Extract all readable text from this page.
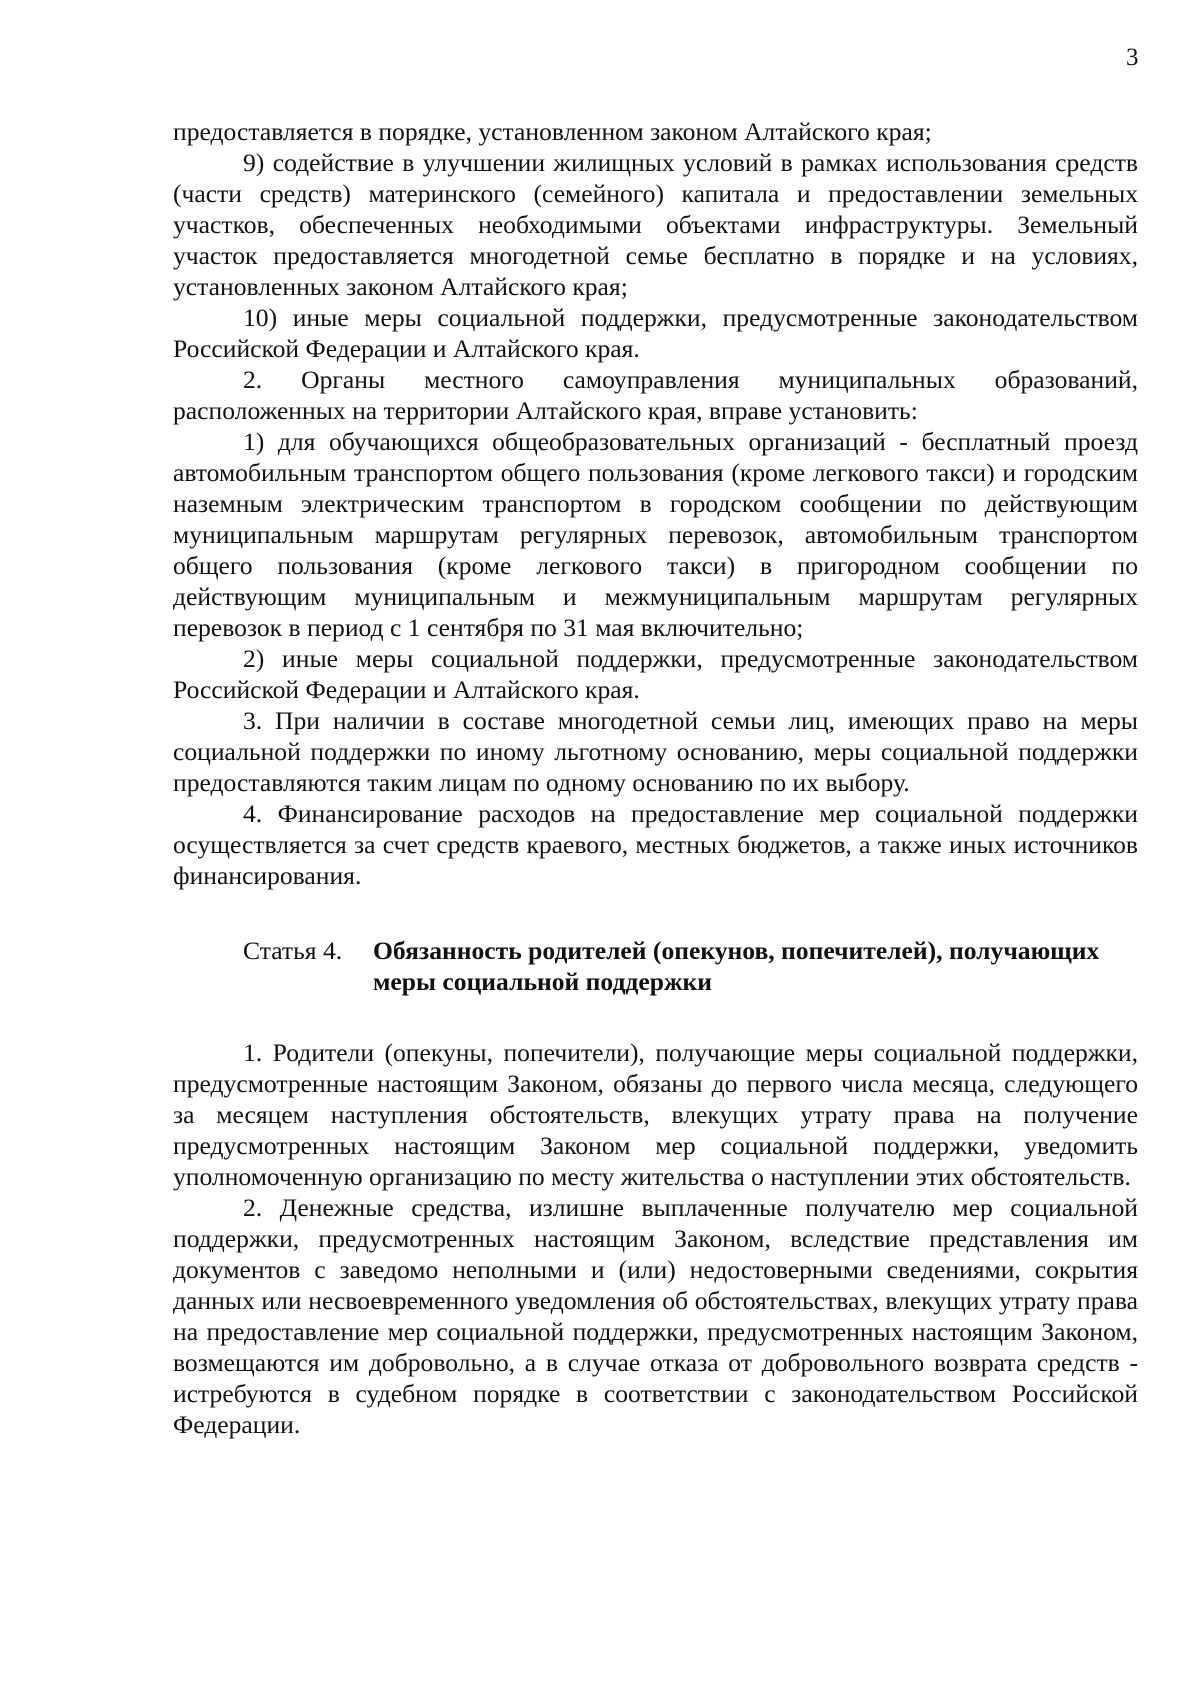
3

предоставляется в порядке, установленном законом Алтайского края;

9) содействие в улучшении жилищных условий в рамках использования средств (части средств) материнского (семейного) капитала и предоставлении земельных участков, обеспеченных необходимыми объектами инфраструктуры. Земельный участок предоставляется многодетной семье бесплатно в порядке и на условиях, установленных законом Алтайского края;

10) иные меры социальной поддержки, предусмотренные законодательством Российской Федерации и Алтайского края.

2. Органы местного самоуправления муниципальных образований, расположенных на территории Алтайского края, вправе установить:

1) для обучающихся общеобразовательных организаций - бесплатный проезд автомобильным транспортом общего пользования (кроме легкового такси) и городским наземным электрическим транспортом в городском сообщении по действующим муниципальным маршрутам регулярных перевозок, автомобильным транспортом общего пользования (кроме легкового такси) в пригородном сообщении по действующим муниципальным и межмуниципальным маршрутам регулярных перевозок в период с 1 сентября по 31 мая включительно;

2) иные меры социальной поддержки, предусмотренные законодательством Российской Федерации и Алтайского края.

3. При наличии в составе многодетной семьи лиц, имеющих право на меры социальной поддержки по иному льготному основанию, меры социальной поддержки предоставляются таким лицам по одному основанию по их выбору.

4. Финансирование расходов на предоставление мер социальной поддержки осуществляется за счет средств краевого, местных бюджетов, а также иных источников финансирования.

Статья 4.	Обязанность родителей (опекунов, попечителей), получающих меры социальной поддержки

1. Родители (опекуны, попечители), получающие меры социальной поддержки, предусмотренные настоящим Законом, обязаны до первого числа месяца, следующего за месяцем наступления обстоятельств, влекущих утрату права на получение предусмотренных настоящим Законом мер социальной поддержки, уведомить уполномоченную организацию по месту жительства о наступлении этих обстоятельств.

2. Денежные средства, излишне выплаченные получателю мер социальной поддержки, предусмотренных настоящим Законом, вследствие представления им документов с заведомо неполными и (или) недостоверными сведениями, сокрытия данных или несвоевременного уведомления об обстоятельствах, влекущих утрату права на предоставление мер социальной поддержки, предусмотренных настоящим Законом, возмещаются им добровольно, а в случае отказа от добровольного возврата средств - истребуются в судебном порядке в соответствии с законодательством Российской Федерации.
